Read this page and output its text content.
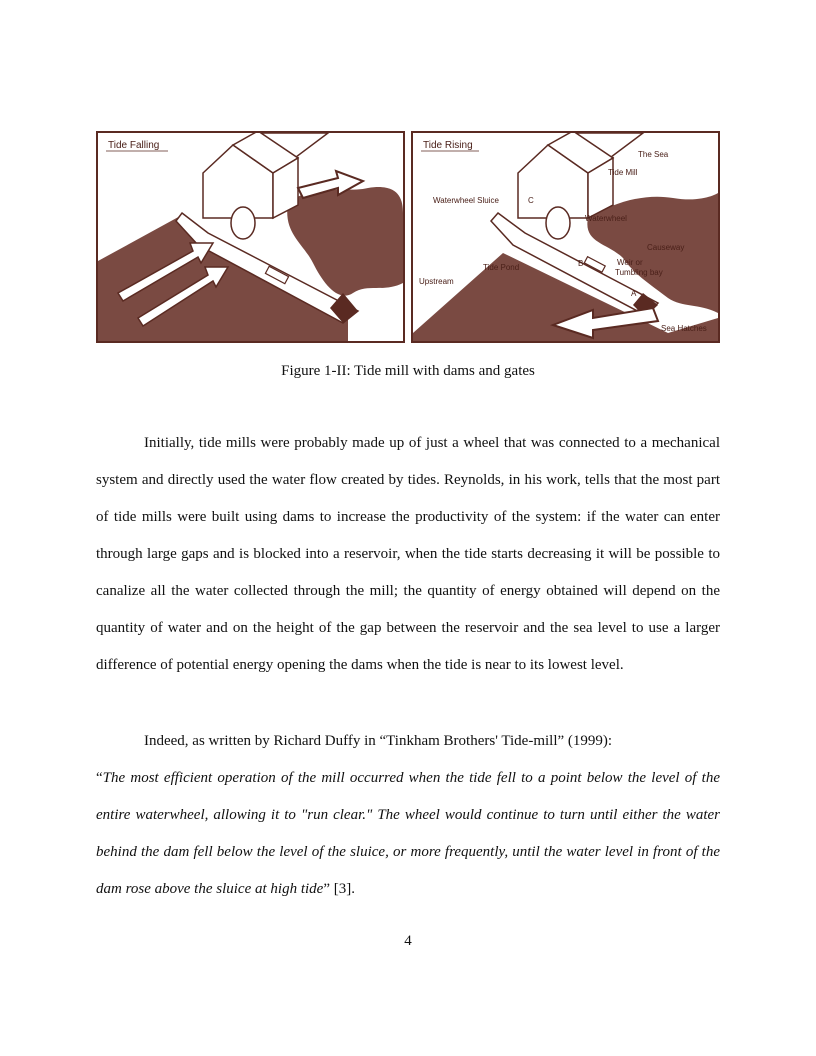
Tide Falling	Tide Rising
The Sea
Tide Mill
Waterwheel Sluice	C
Waterwheel
Causeway
B	Weir or
Tumbling bay
Tide Pond
Upstream
A
Sea Hatches
Figure 1-II: Tide mill with dams and gates

Initially, tide mills were probably made up of just a wheel that was connected to a mechanical system and directly used the water flow created by tides. Reynolds, in his work, tells that the most part of tide mills were built using dams to increase the productivity of the system: if the water can enter through large gaps and is blocked into a reservoir, when the tide starts decreasing it will be possible to canalize all the water collected through the mill; the quantity of energy obtained will depend on the quantity of water and on the height of the gap between the reservoir and the sea level to use a larger difference of potential energy opening the dams when the tide is near to its lowest level.

Indeed, as written by Richard Duffy in “Tinkham Brothers' Tide-mill” (1999):

“The most efficient operation of the mill occurred when the tide fell to a point below the level of the entire waterwheel, allowing it to "run clear." The wheel would continue to turn until either the water behind the dam fell below the level of the sluice, or more frequently, until the water level in front of the dam rose above the sluice at high tide” [3].

4
